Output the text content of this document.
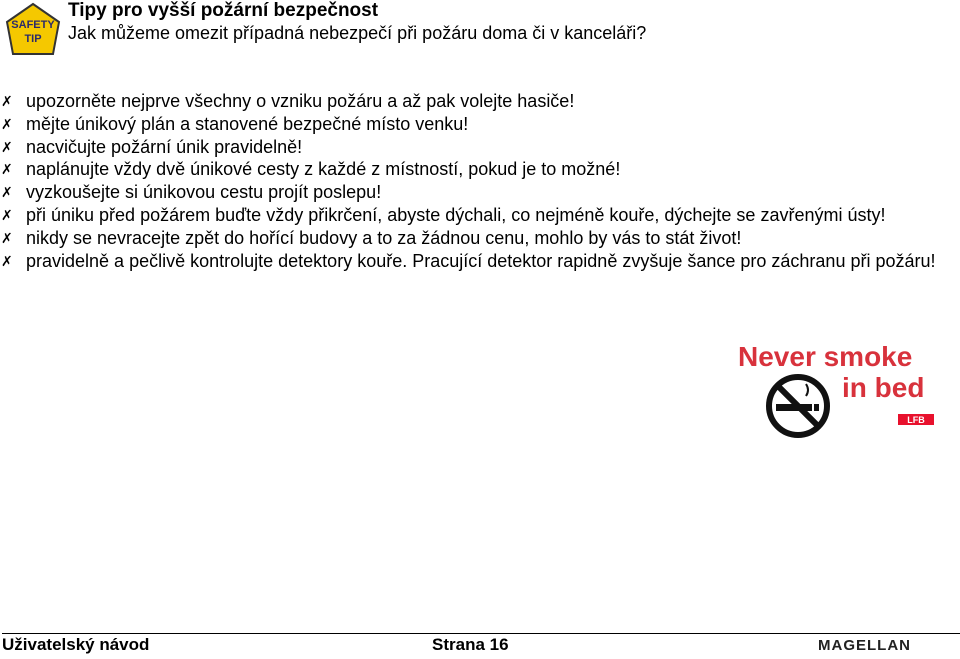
SAFETY
TIP
Tipy pro vyšší požární bezpečnost
Jak můžeme omezit případná nebezpečí při požáru doma či v kanceláři?
✗ upozorněte nejprve všechny o vzniku požáru a až pak volejte hasiče!
✗ mějte únikový plán a stanovené bezpečné místo venku!
✗ nacvičujte požární únik pravidelně!
✗ naplánujte vždy dvě únikové cesty z každé z místností, pokud je to možné!
✗ vyzkoušejte si únikovou cestu projít poslepu!
✗ při úniku před požárem buďte vždy přikrčení, abyste dýchali, co nejméně kouře, dýchejte se zavřenými ústy!
✗ nikdy se nevracejte zpět do hořící budovy a to za žádnou cenu, mohlo by vás to stát život!
✗ pravidelně a pečlivě kontrolujte detektory kouře. Pracující detektor rapidně zvyšuje šance pro záchranu při požáru!
Never smoke
in bed
LFB
Uživatelský návod	Strana 16	MAGELLAN
